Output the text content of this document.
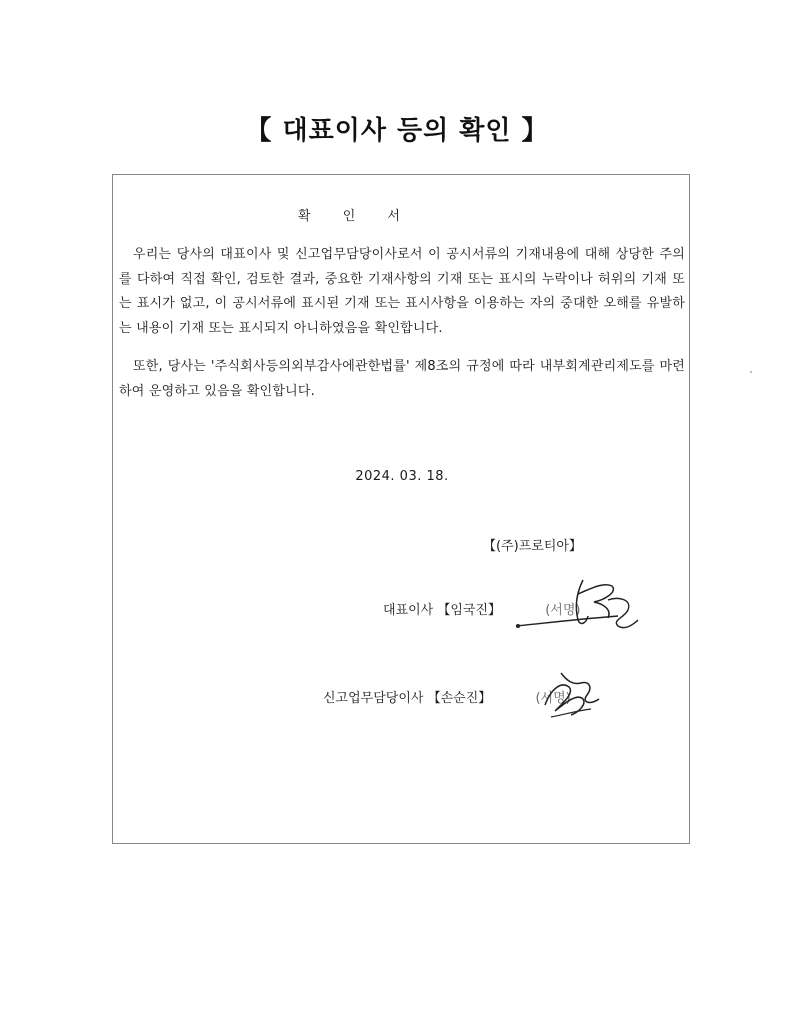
【 대표이사 등의 확인 】
확 인 서
우리는 당사의 대표이사 및 신고업무담당이사로서 이 공시서류의 기재내용에 대해 상당한 주의를 다하여 직접 확인, 검토한 결과, 중요한 기재사항의 기재 또는 표시의 누락이나 허위의 기재 또는 표시가 없고, 이 공시서류에 표시된 기재 또는 표시사항을 이용하는 자의 중대한 오해를 유발하는 내용이 기재 또는 표시되지 아니하였음을 확인합니다.
또한, 당사는 '주식회사등의외부감사에관한법률' 제8조의 규정에 따라 내부회계관리제도를 마련하여 운영하고 있음을 확인합니다.
2024. 03. 18.
【(주)프로티아】
대표이사 【임국진】	(서명)
신고업무담당이사 【손순진】	(서명)
